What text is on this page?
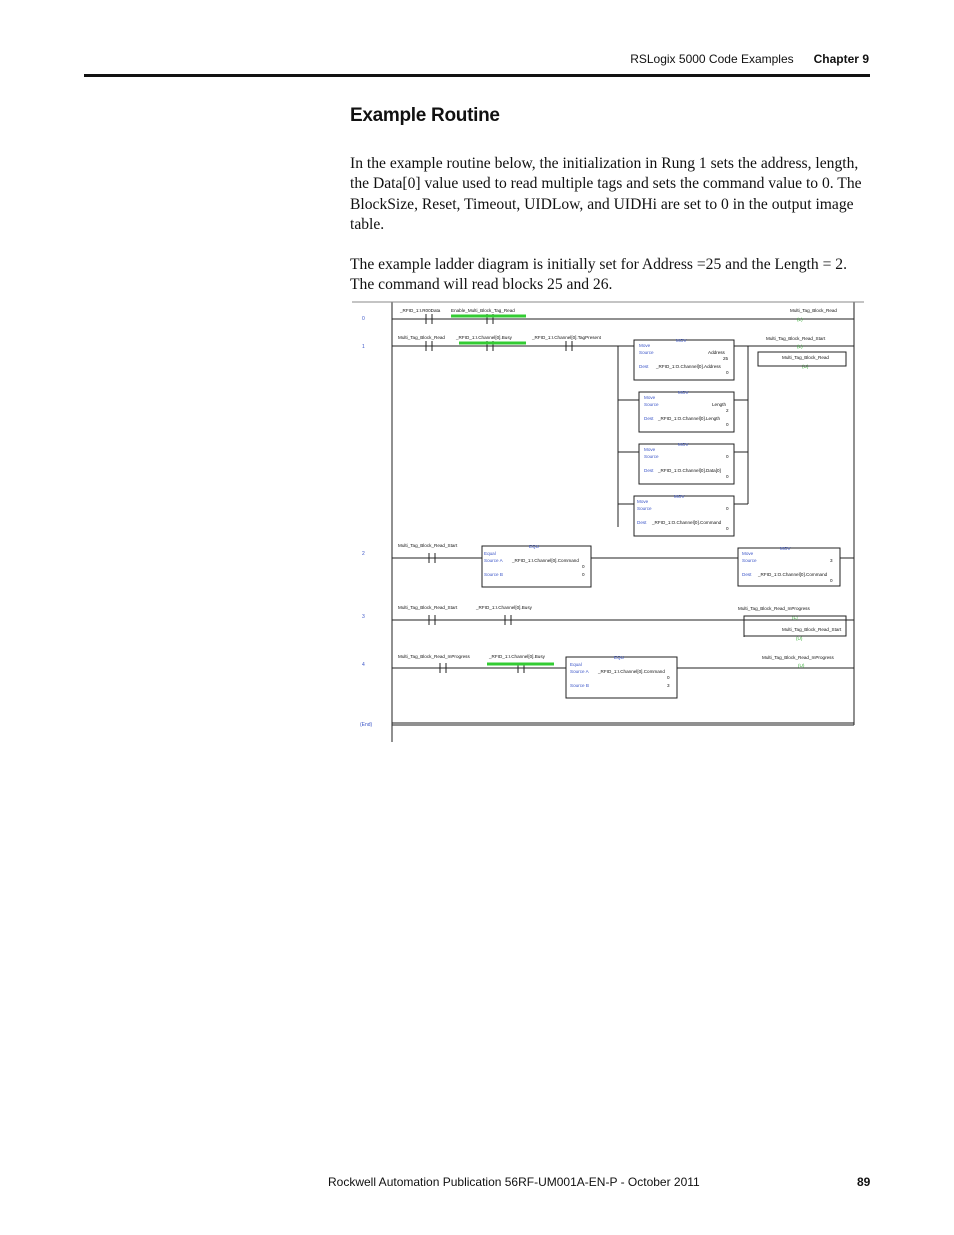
RSLogix 5000 Code Examples Chapter 9
Example Routine

In the example routine below, the initialization in Rung 1 sets the address, length, the Data[0] value used to read multiple tags and sets the command value to 0. The BlockSize, Reset, Timeout, UIDLow, and UIDHi are set to 0 in the output image table.

The example ladder diagram is initially set for Address =25 and the Length = 2. The command will read blocks 25 and 26.

0
1
2
3
4
(End)
_RFID_1:I.R00Data Enable_Multi_Block_Tag_Read
Multi_Tag_Block_Read _RFID_1:I.Channel[0].Busy	_RFID_1:I.Channel[0].TagPresent
Multi_Tag_Block_Read_Start
Multi_Tag_Block_Read_Start	_RFID_1:I.Channel[0].Busy
Multi_Tag_Block_Read_InProgress	_RFID_1:I.Channel[0].Busy
Multi_Tag_Block_Read
(L)
Multi_Tag_Block_Read_Start
(L)
Multi_Tag_Block_Read
(U)
Multi_Tag_Block_Read_InProgress
(L)
Multi_Tag_Block_Read_Start
(U)
Multi_Tag_Block_Read_InProgress
(U)
MOV
Move
Source
Dest
MOV
Move
Source
Dest
MOV
Move
Source
Dest
MOV
Move
Source
Dest
MOV
Move
Source
Dest
Address
25
_RFID_1:O.Channel[0].Address
0
Length
2
_RFID_1:O.Channel[0].Length
0
0
_RFID_1:O.Channel[0].Data[0]
0
0
_RFID_1:O.Channel[0].Command
0
3
_RFID_1:O.Channel[0].Command
0
EQU
Equal
Source A
Source B
EQU
Equal
Source A
Source B
_RFID_1:I.Channel[0].Command
0
0
_RFID_1:I.Channel[0].Command
0
3
Rockwell Automation Publication 56RF-UM001A-EN-P - October 2011	89
